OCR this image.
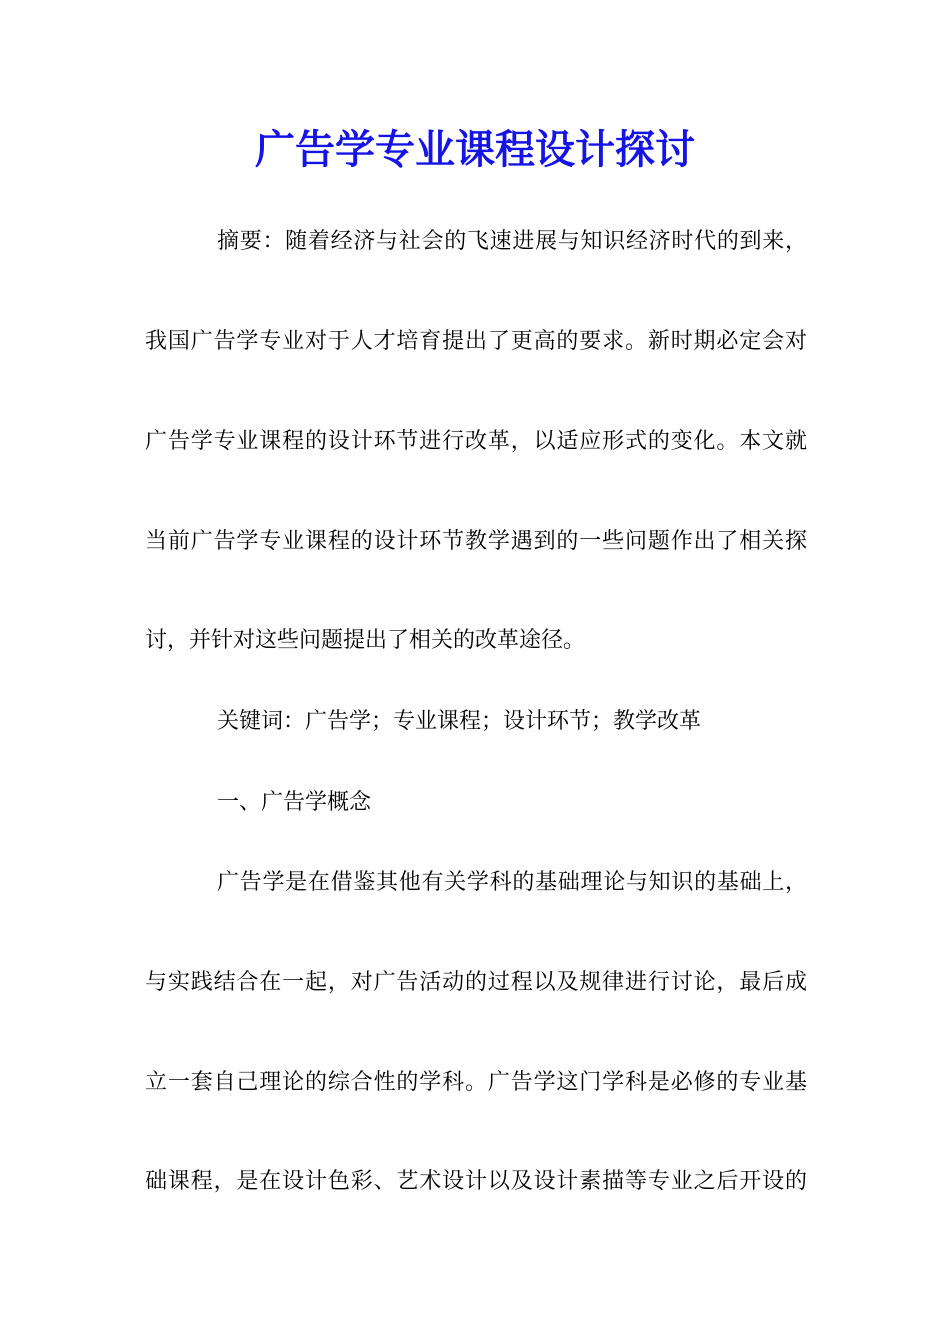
广告学专业课程设计探讨

摘要：随着经济与社会的飞速进展与知识经济时代的到来，

我国广告学专业对于人才培育提出了更高的要求。新时期必定会对

广告学专业课程的设计环节进行改革，以适应形式的变化。本文就

当前广告学专业课程的设计环节教学遇到的一些问题作出了相关探

讨，并针对这些问题提出了相关的改革途径。

关键词：广告学；专业课程；设计环节；教学改革

一、广告学概念

广告学是在借鉴其他有关学科的基础理论与知识的基础上，

与实践结合在一起，对广告活动的过程以及规律进行讨论，最后成

立一套自己理论的综合性的学科。广告学这门学科是必修的专业基

础课程，是在设计色彩、艺术设计以及设计素描等专业之后开设的
